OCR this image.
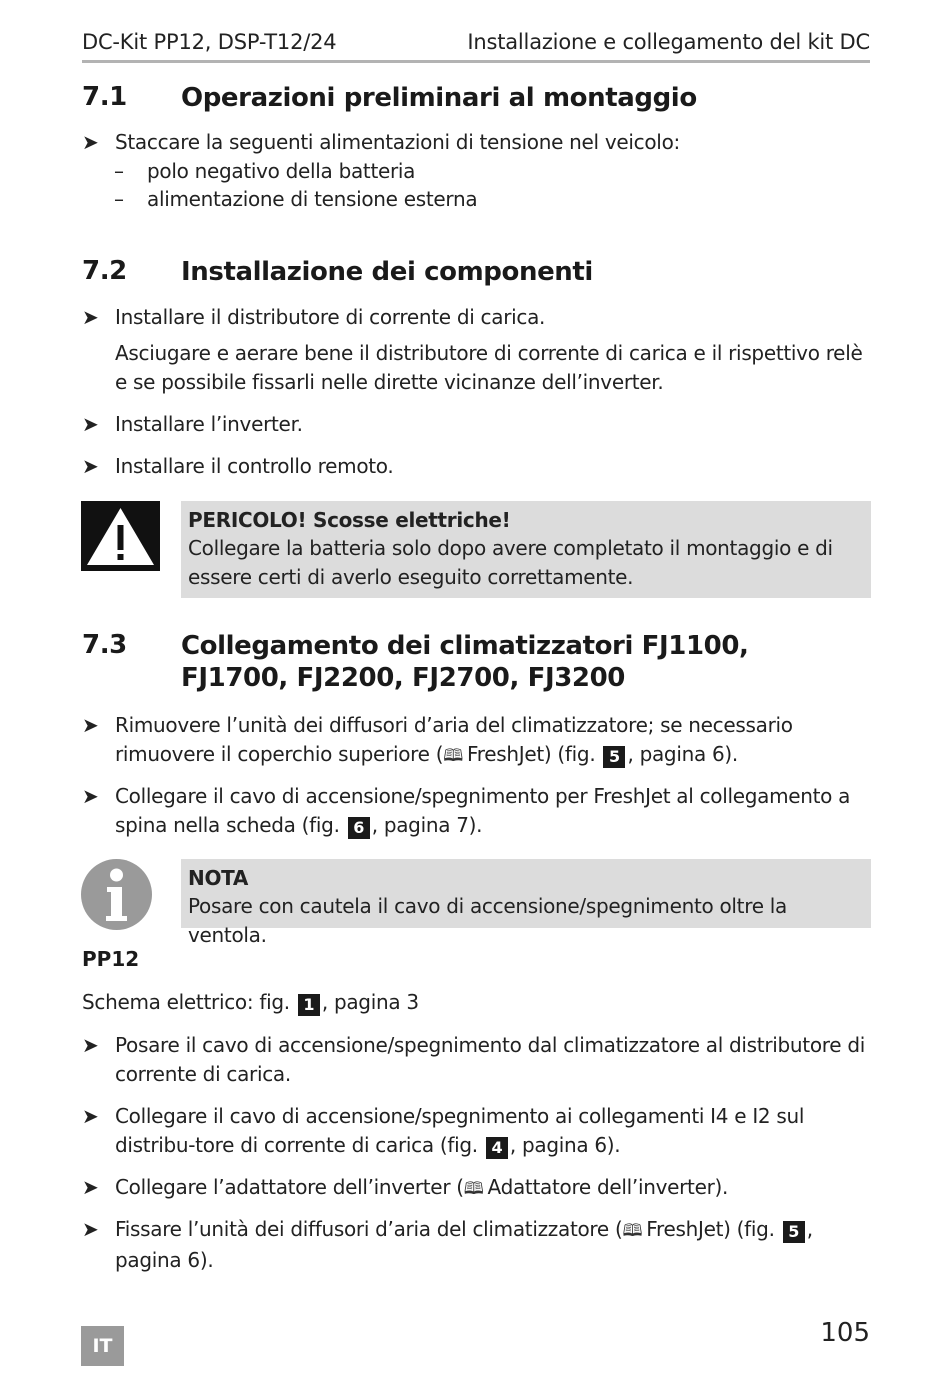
DC-Kit PP12, DSP-T12/24	Installazione e collegamento del kit DC
7.1 Operazioni preliminari al montaggio
➤ Staccare la seguenti alimentazioni di tensione nel veicolo:
– polo negativo della batteria
– alimentazione di tensione esterna
7.2 Installazione dei componenti
➤ Installare il distributore di corrente di carica.
Asciugare e aerare bene il distributore di corrente di carica e il rispettivo relè e se possibile fissarli nelle dirette vicinanze dell’inverter.
➤ Installare l’inverter.
➤ Installare il controllo remoto.
PERICOLO! Scosse elettriche!
Collegare la batteria solo dopo avere completato il montaggio e di essere certi di averlo eseguito correttamente.
7.3 Collegamento dei climatizzatori FJ1100, FJ1700, FJ2200, FJ2700, FJ3200
➤ Rimuovere l’unità dei diffusori d’aria del climatizzatore; se necessario rimuovere il coperchio superiore (🕮 FreshJet) (fig. 5 , pagina 6).
➤ Collegare il cavo di accensione/spegnimento per FreshJet al collegamento a spina nella scheda (fig. 6 , pagina 7).
NOTA
Posare con cautela il cavo di accensione/spegnimento oltre la ventola.
PP12
Schema elettrico: fig. 1 , pagina 3
➤ Posare il cavo di accensione/spegnimento dal climatizzatore al distributore di corrente di carica.
➤ Collegare il cavo di accensione/spegnimento ai collegamenti I4 e I2 sul distribu-tore di corrente di carica (fig. 4 , pagina 6).
➤ Collegare l’adattatore dell’inverter (🕮 Adattatore dell’inverter).
➤ Fissare l’unità dei diffusori d’aria del climatizzatore (🕮 FreshJet) (fig. 5 , pagina 6).
IT	105
